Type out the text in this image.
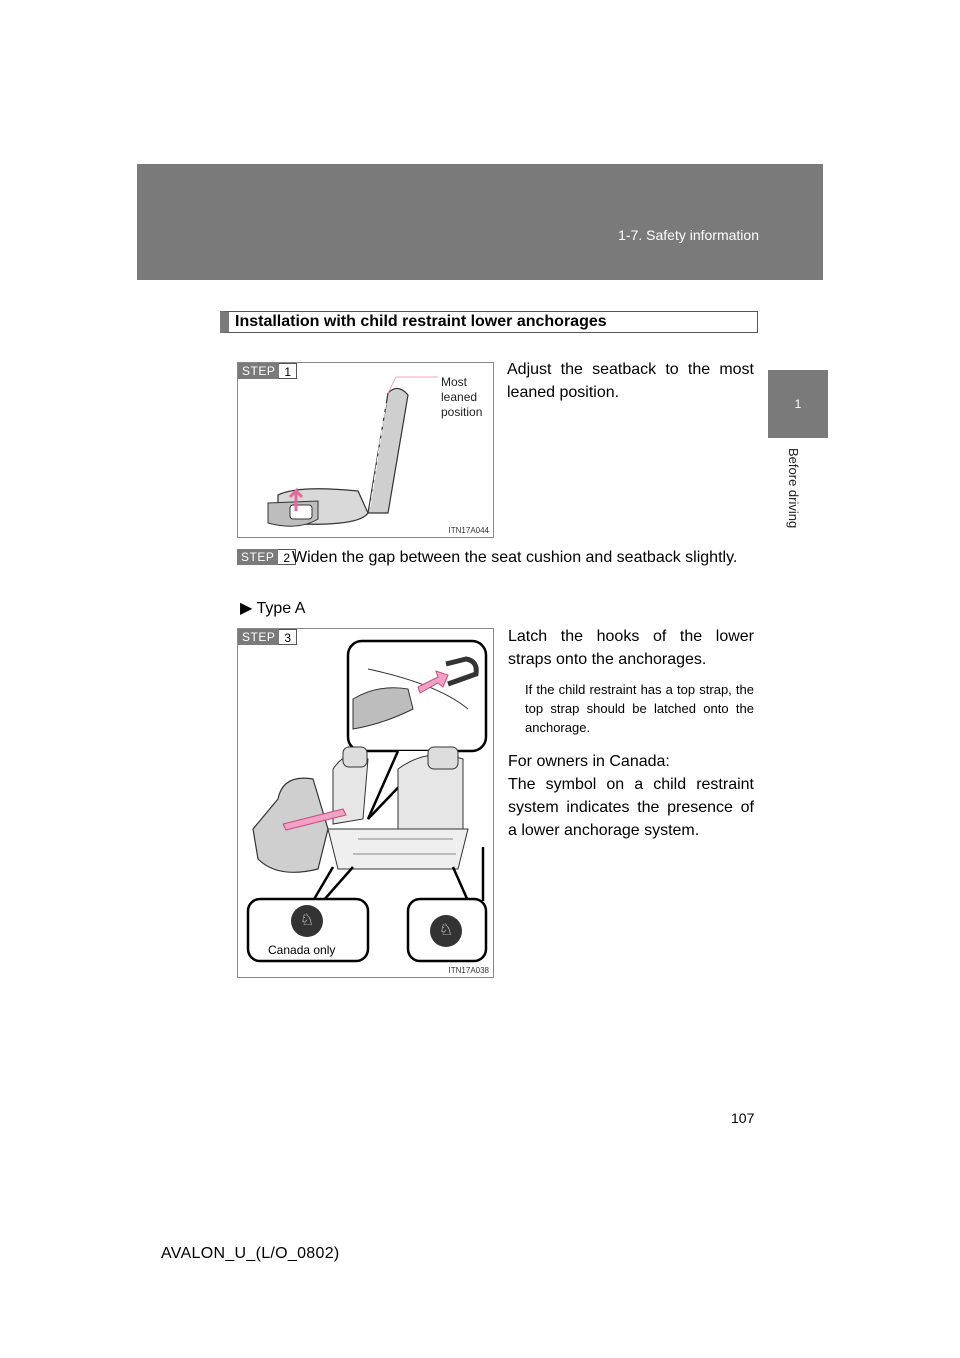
1-7. Safety information
1
Before driving
Installation with child restraint lower anchorages
STEP 1
Most leaned position
ITN17A044
Adjust the seatback to the most leaned position.
STEP 2 Widen the gap between the seat cushion and seatback slightly.
▶ Type A
♘
♘
Canada only
STEP 3
ITN17A038
Latch the hooks of the lower straps onto the anchorages.
If the child restraint has a top strap, the top strap should be latched onto the anchorage.
For owners in Canada:
The symbol on a child restraint system indicates the presence of a lower anchorage system.
107
AVALON_U_(L/O_0802)
